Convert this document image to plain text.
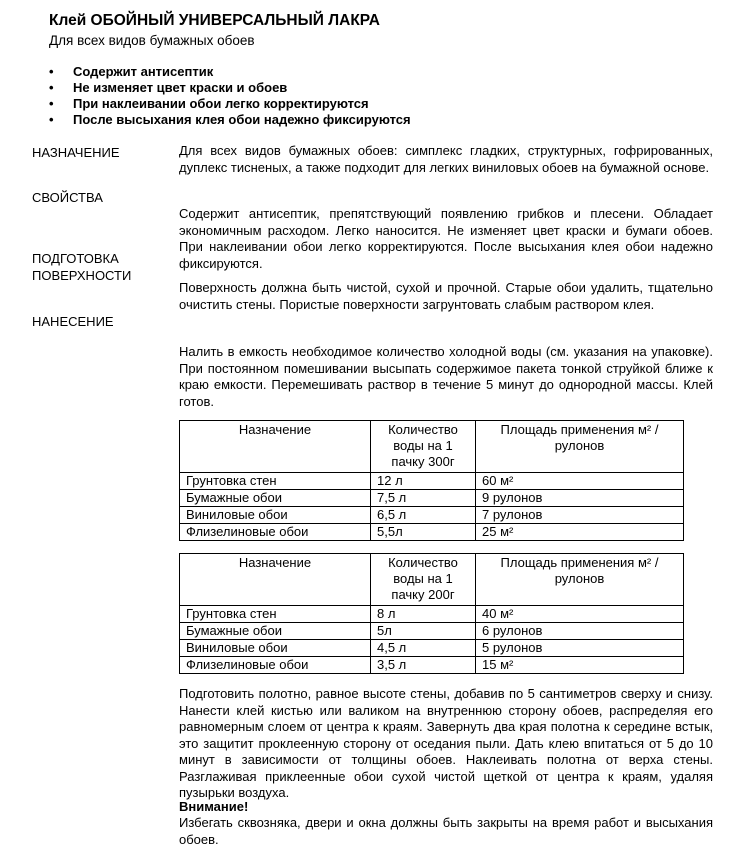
Клей ОБОЙНЫЙ УНИВЕРСАЛЬНЫЙ ЛАКРА
Для всех видов бумажных обоев
• Содержит антисептик
• Не изменяет цвет краски и обоев
• При наклеивании обои легко корректируются
• После высыхания клея обои надежно фиксируются
НАЗНАЧЕНИЕ
СВОЙСТВА
ПОДГОТОВКА
ПОВЕРХНОСТИ
НАНЕСЕНИЕ
Для всех видов бумажных обоев: симплекс гладких, структурных, гофрированных, дуплекс тисненых, а также подходит для легких виниловых обоев на бумажной основе.
Содержит антисептик, препятствующий появлению грибков и плесени. Обладает экономичным расходом. Легко наносится. Не изменяет цвет краски и бумаги обоев. При наклеивании обои легко корректируются. После высыхания клея обои надежно фиксируются.
Поверхность должна быть чистой, сухой и прочной. Старые обои удалить, тщательно очистить стены. Пористые поверхности загрунтовать слабым раствором клея.
Налить в емкость необходимое количество холодной воды (см. указания на упаковке). При постоянном помешивании высыпать содержимое пакета тонкой струйкой ближе к краю емкости. Перемешивать раствор в течение 5 минут до однородной массы. Клей готов.
Назначение	Количество воды на 1 пачку 300г	Площадь применения м² / рулонов
Грунтовка стен	12 л	60 м²
Бумажные обои	7,5 л	9 рулонов
Виниловые обои	6,5 л	7 рулонов
Флизелиновые обои	5,5л	25 м²
Назначение	Количество воды на 1 пачку 200г	Площадь применения м² / рулонов
Грунтовка стен	8 л	40 м²
Бумажные обои	5л	6 рулонов
Виниловые обои	4,5 л	5 рулонов
Флизелиновые обои	3,5 л	15 м²
Подготовить полотно, равное высоте стены, добавив по 5 сантиметров сверху и снизу. Нанести клей кистью или валиком на внутреннюю сторону обоев, распределяя его равномерным слоем от центра к краям. Завернуть два края полотна к середине встык, это защитит проклеенную сторону от оседания пыли. Дать клею впитаться от 5 до 10 минут в зависимости от толщины обоев. Наклеивать полотна от верха стены. Разглаживая приклеенные обои сухой чистой щеткой от центра к краям, удаляя пузырьки воздуха.
Внимание!
Избегать сквозняка, двери и окна должны быть закрыты на время работ и высыхания обоев.
